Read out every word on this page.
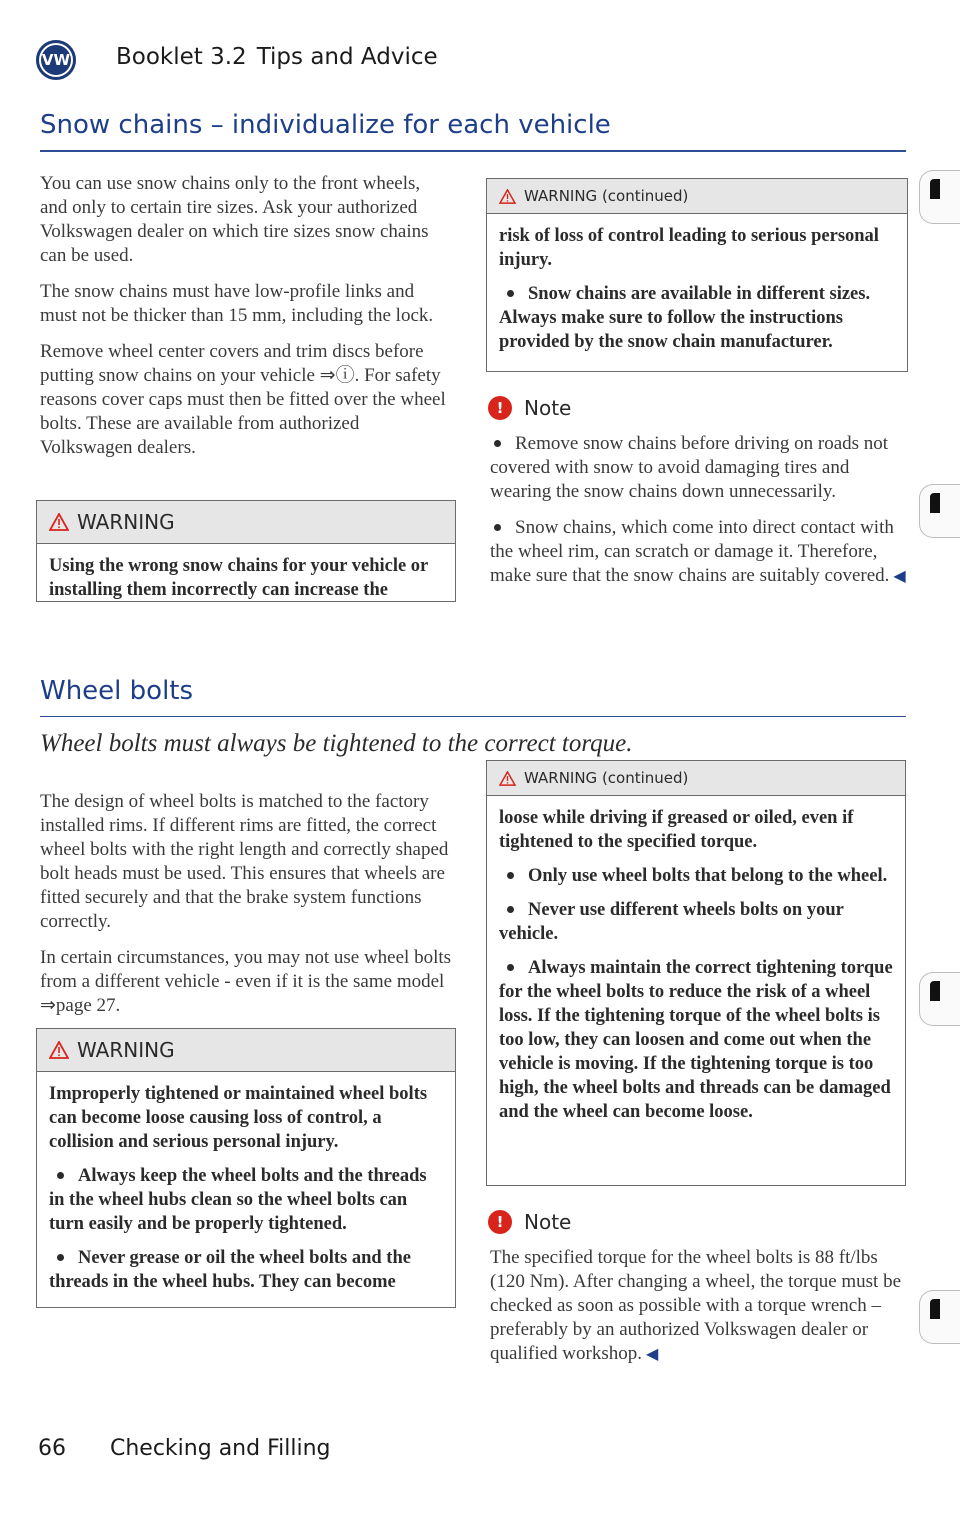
VW Booklet 3.2 Tips and Advice
Snow chains – individualize for each vehicle

You can use snow chains only to the front wheels, and only to certain tire sizes. Ask your authorized Volkswagen dealer on which tire sizes snow chains can be used.

The snow chains must have low-profile links and must not be thicker than 15 mm, including the lock.

Remove wheel center covers and trim discs before putting snow chains on your vehicle ⇒ⓘ. For safety reasons cover caps must then be fitted over the wheel bolts. These are available from authorized Volkswagen dealers.

WARNING

Using the wrong snow chains for your vehicle or installing them incorrectly can increase the

WARNING (continued)

risk of loss of control leading to serious personal injury.

Snow chains are available in different sizes. Always make sure to follow the instructions provided by the snow chain manufacturer.

!	Note

Remove snow chains before driving on roads not covered with snow to avoid damaging tires and wearing the snow chains down unnecessarily.

Snow chains, which come into direct contact with the wheel rim, can scratch or damage it. Therefore, make sure that the snow chains are suitably covered. ◀

Wheel bolts
Wheel bolts must always be tightened to the correct torque.

The design of wheel bolts is matched to the factory installed rims. If different rims are fitted, the correct wheel bolts with the right length and correctly shaped bolt heads must be used. This ensures that wheels are fitted securely and that the brake system functions correctly.

In certain circumstances, you may not use wheel bolts from a different vehicle - even if it is the same model ⇒page 27.

WARNING

Improperly tightened or maintained wheel bolts can become loose causing loss of control, a collision and serious personal injury.

Always keep the wheel bolts and the threads in the wheel hubs clean so the wheel bolts can turn easily and be properly tightened.

Never grease or oil the wheel bolts and the threads in the wheel hubs. They can become

WARNING (continued)

loose while driving if greased or oiled, even if tightened to the specified torque.

Only use wheel bolts that belong to the wheel.

Never use different wheels bolts on your vehicle.

Always maintain the correct tightening torque for the wheel bolts to reduce the risk of a wheel loss. If the tightening torque of the wheel bolts is too low, they can loosen and come out when the vehicle is moving. If the tightening torque is too high, the wheel bolts and threads can be damaged and the wheel can become loose.

!	Note

The specified torque for the wheel bolts is 88 ft/lbs (120 Nm). After changing a wheel, the torque must be checked as soon as possible with a torque wrench – preferably by an authorized Volkswagen dealer or qualified workshop. ◀

66 Checking and Filling
